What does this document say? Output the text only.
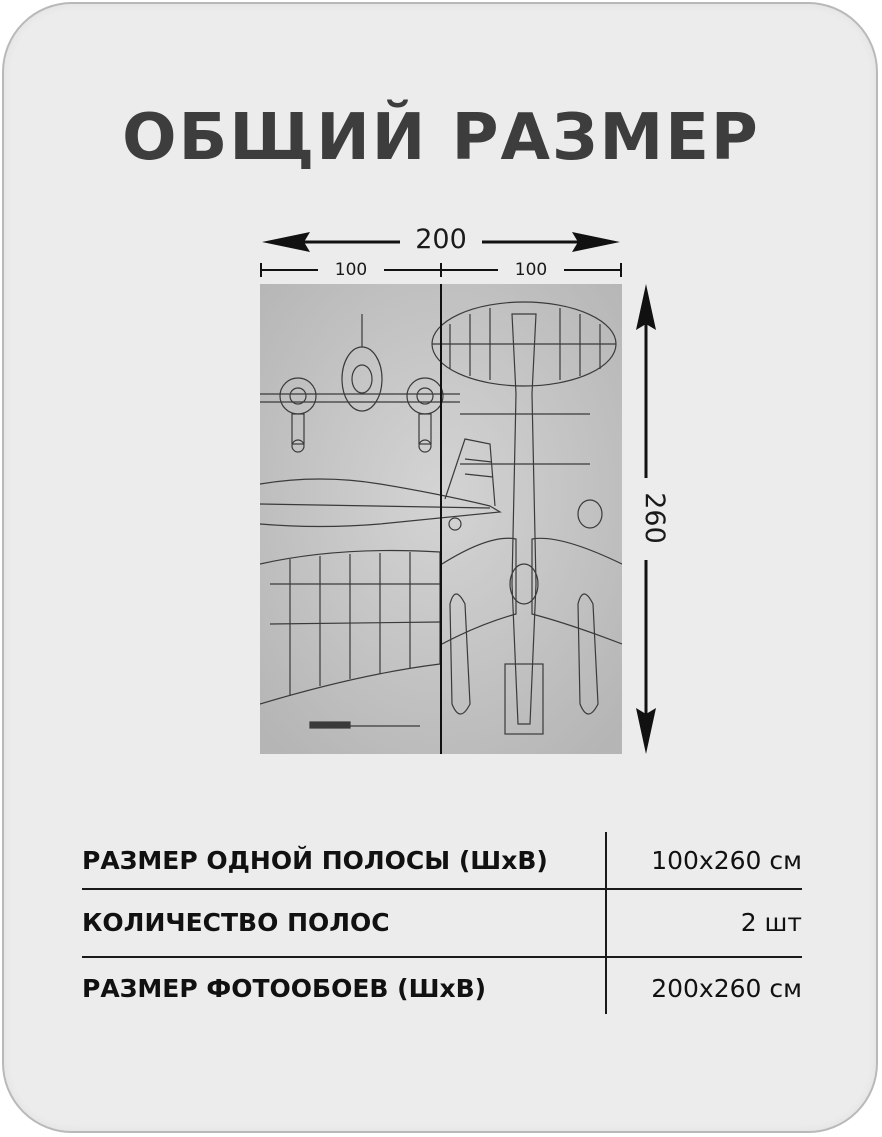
ОБЩИЙ РАЗМЕР
200
100	100
260
РАЗМЕР ОДНОЙ ПОЛОСЫ (ШхВ)	100х260 см
КОЛИЧЕСТВО ПОЛОС	2 шт
РАЗМЕР ФОТООБОЕВ (ШхВ)	200х260 см
